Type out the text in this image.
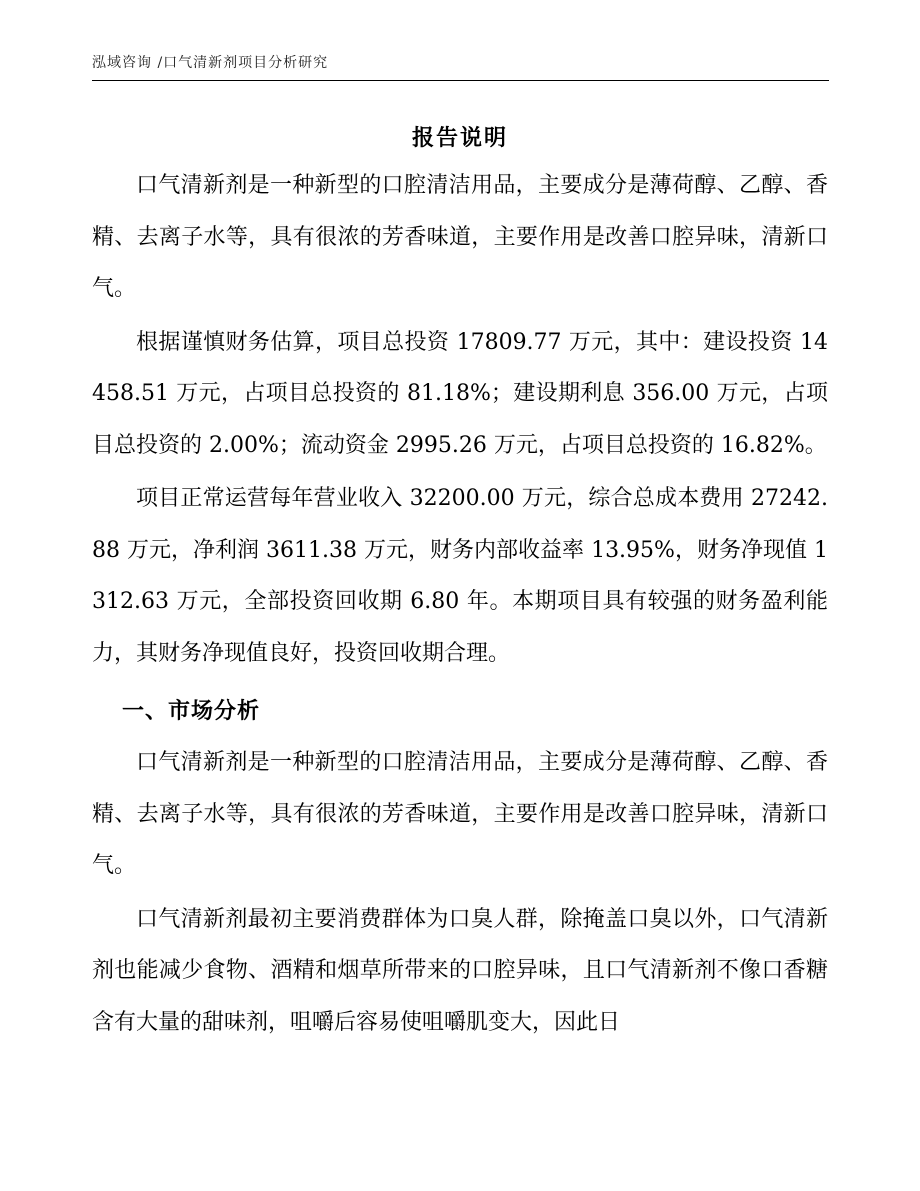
泓域咨询 /口气清新剂项目分析研究
报告说明

口气清新剂是一种新型的口腔清洁用品，主要成分是薄荷醇、乙醇、香精、去离子水等，具有很浓的芳香味道，主要作用是改善口腔异味，清新口气。

根据谨慎财务估算，项目总投资 17809.77 万元，其中：建设投资 14458.51 万元，占项目总投资的 81.18%；建设期利息 356.00 万元，占项目总投资的 2.00%；流动资金 2995.26 万元，占项目总投资的 16.82%。

项目正常运营每年营业收入 32200.00 万元，综合总成本费用 27242.88 万元，净利润 3611.38 万元，财务内部收益率 13.95%，财务净现值 1312.63 万元，全部投资回收期 6.80 年。本期项目具有较强的财务盈利能力，其财务净现值良好，投资回收期合理。

一、市场分析

口气清新剂是一种新型的口腔清洁用品，主要成分是薄荷醇、乙醇、香精、去离子水等，具有很浓的芳香味道，主要作用是改善口腔异味，清新口气。

口气清新剂最初主要消费群体为口臭人群，除掩盖口臭以外，口气清新剂也能减少食物、酒精和烟草所带来的口腔异味，且口气清新剂不像口香糖含有大量的甜味剂，咀嚼后容易使咀嚼肌变大，因此日
